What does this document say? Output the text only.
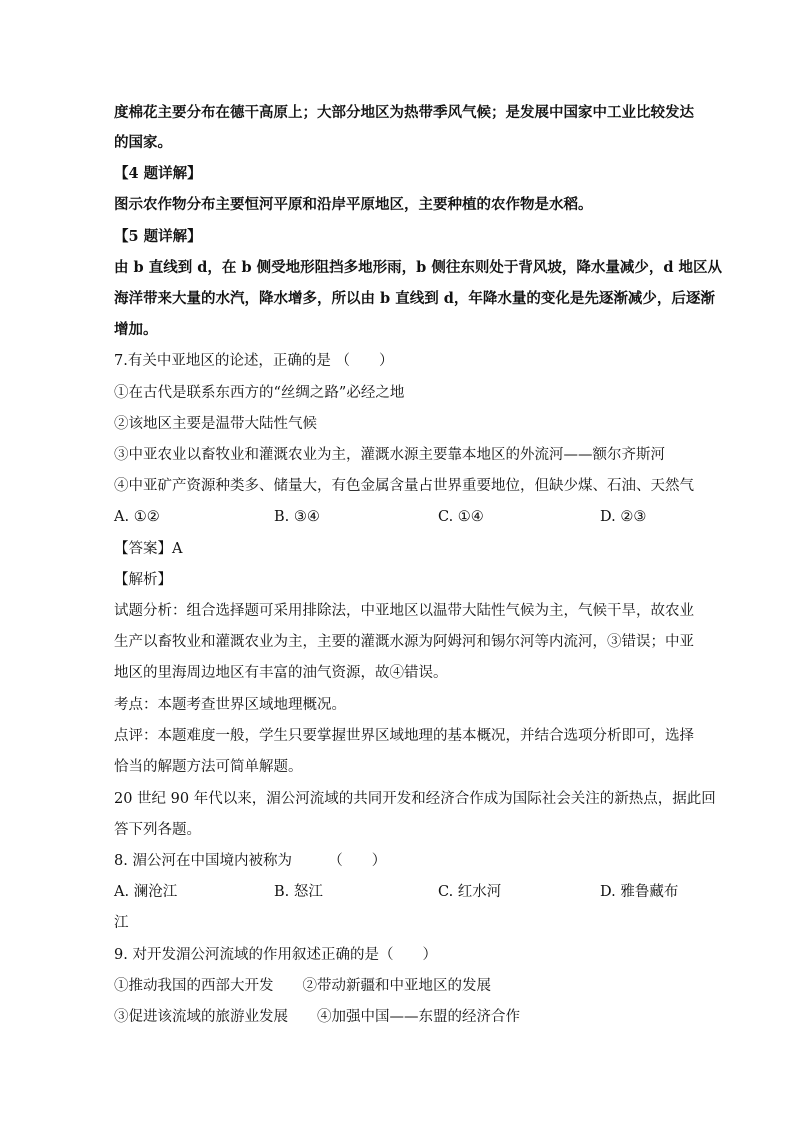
度棉花主要分布在德干高原上；大部分地区为热带季风气候；是发展中国家中工业比较发达
的国家。
【4 题详解】
图示农作物分布主要恒河平原和沿岸平原地区，主要种植的农作物是水稻。
【5 题详解】
由 b 直线到 d，在 b 侧受地形阻挡多地形雨，b 侧往东则处于背风坡，降水量减少，d 地区从
海洋带来大量的水汽，降水增多，所以由 b 直线到 d，年降水量的变化是先逐渐减少，后逐渐
增加。
7.有关中亚地区的论述，正确的是 （　　）
①在古代是联系东西方的“丝绸之路”必经之地
②该地区主要是温带大陆性气候
③中亚农业以畜牧业和灌溉农业为主，灌溉水源主要靠本地区的外流河——额尔齐斯河
④中亚矿产资源种类多、储量大，有色金属含量占世界重要地位，但缺少煤、石油、天然气
A. ①②	B. ③④	C. ①④	D. ②③
【答案】A
【解析】
试题分析：组合选择题可采用排除法，中亚地区以温带大陆性气候为主，气候干旱，故农业
生产以畜牧业和灌溉农业为主，主要的灌溉水源为阿姆河和锡尔河等内流河，③错误；中亚
地区的里海周边地区有丰富的油气资源，故④错误。
考点：本题考查世界区域地理概况。
点评：本题难度一般，学生只要掌握世界区域地理的基本概况，并结合选项分析即可，选择
恰当的解题方法可简单解题。
20 世纪 90 年代以来，湄公河流域的共同开发和经济合作成为国际社会关注的新热点，据此回
答下列各题。
8. 湄公河在中国境内被称为　　　（　　）
A. 澜沧江	B. 怒江	C. 红水河	D. 雅鲁藏布
江
9. 对开发湄公河流域的作用叙述正确的是（　　）
①推动我国的西部大开发　　②带动新疆和中亚地区的发展
③促进该流域的旅游业发展　　④加强中国——东盟的经济合作
